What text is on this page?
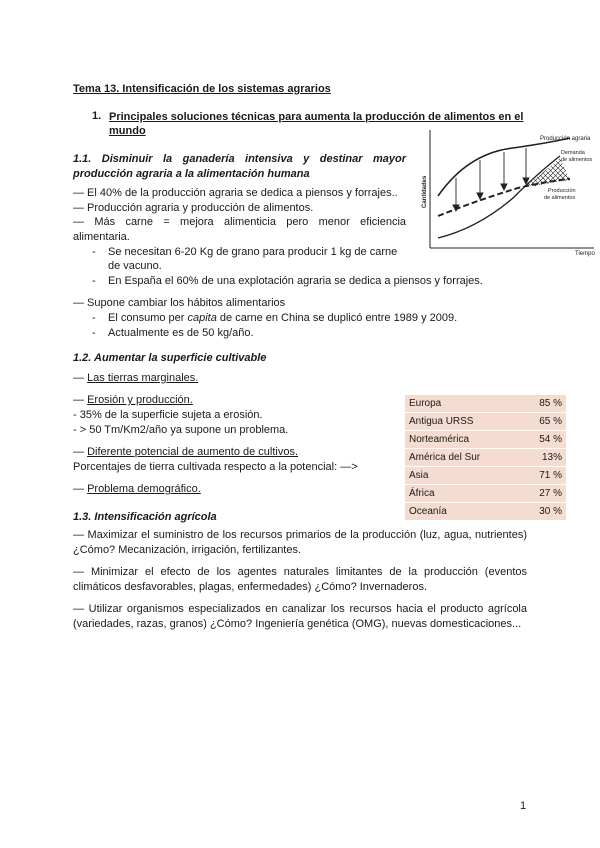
Tema 13. Intensificación de los sistemas agrarios
1. Principales soluciones técnicas para aumenta la producción de alimentos en el mundo
1.1. Disminuir la ganadería intensiva y destinar mayor producción agraria a la alimentación humana
— El 40% de la producción agraria se dedica a piensos y forrajes..
— Producción agraria y producción de alimentos.
— Más carne = mejora alimenticia pero menor eficiencia alimentaria.
- Se necesitan 6-20 Kg de grano para producir 1 kg de carne de vacuno.
- En España el 60% de una explotación agraria se dedica a piensos y forrajes.
— Supone cambiar los hábitos alimentarios
- El consumo per capita de carne en China se duplicó entre 1989 y 2009.
- Actualmente es de 50 kg/año.
1.2. Aumentar la superficie cultivable
— Las tierras marginales.
— Erosión y producción.
- 35% de la superficie sujeta a erosión.
- > 50 Tm/Km2/año ya supone un problema.
— Diferente potencial de aumento de cultivos.
Porcentajes de tierra cultivada respecto a la potencial: —>
— Problema demográfico.
Europa	85 %
Antigua URSS	65 %
Norteamérica	54 %
América del Sur	13%
Asia	71 %
África	27 %
Oceanía	30 %
1.3. Intensificación agrícola
— Maximizar el suministro de los recursos primarios de la producción (luz, agua, nutrientes) ¿Cómo? Mecanización, irrigación, fertilizantes.
— Minimizar el efecto de los agentes naturales limitantes de la producción (eventos climáticos desfavorables, plagas, enfermedades) ¿Cómo? Invernaderos.
— Utilizar organismos especializados en canalizar los recursos hacia el producto agrícola (variedades, razas, granos) ¿Cómo? Ingeniería genética (OMG), nuevas domesticaciones...
1
Cantidades
Tiempo
Producción agraria
Demanda
de alimentos
Producción
de alimentos
